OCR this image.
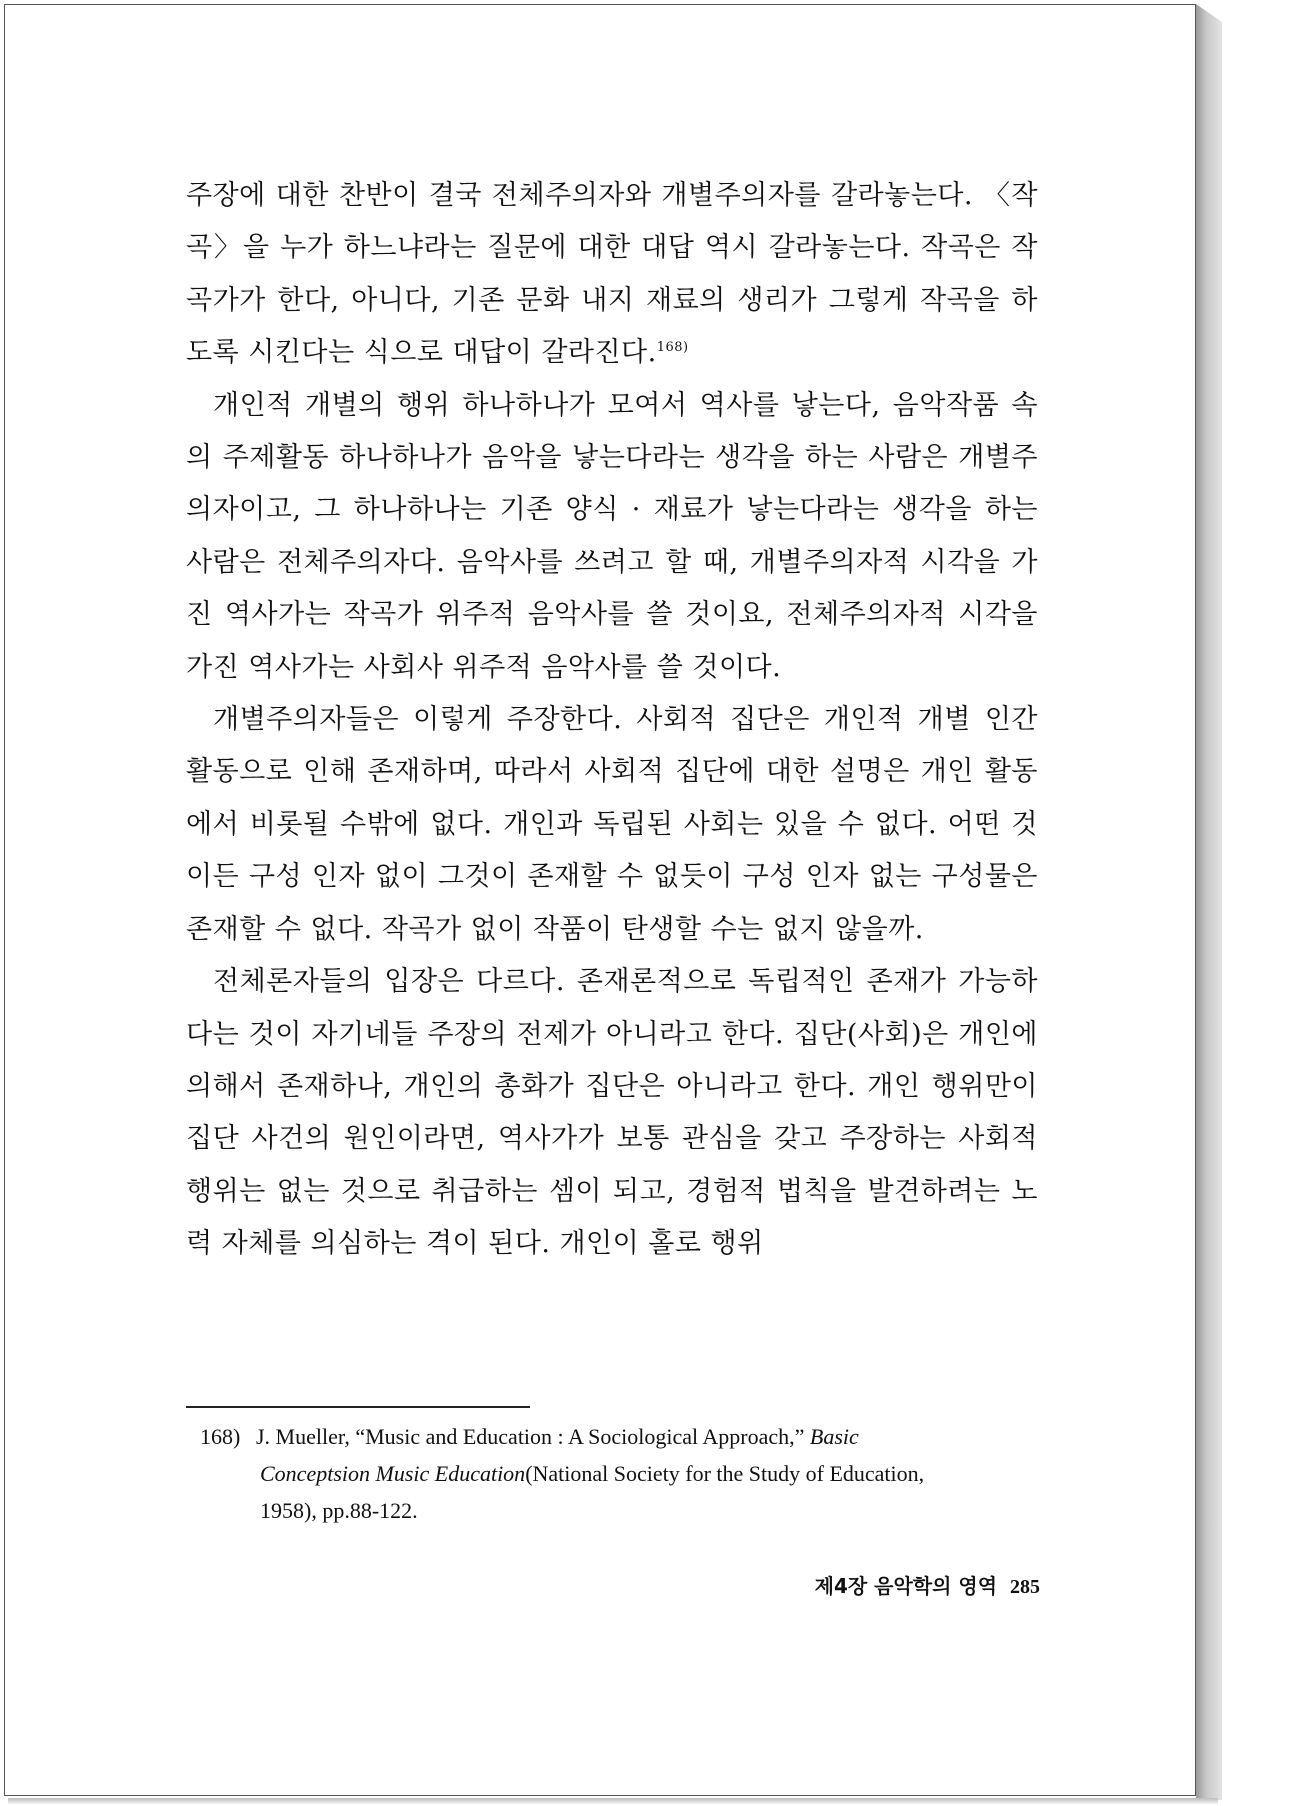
주장에 대한 찬반이 결국 전체주의자와 개별주의자를 갈라놓는다. 〈작곡〉을 누가 하느냐라는 질문에 대한 대답 역시 갈라놓는다. 작곡은 작곡가가 한다, 아니다, 기존 문화 내지 재료의 생리가 그렇게 작곡을 하도록 시킨다는 식으로 대답이 갈라진다.$^{168)}$

개인적 개별의 행위 하나하나가 모여서 역사를 낳는다, 음악작품 속의 주제활동 하나하나가 음악을 낳는다라는 생각을 하는 사람은 개별주의자이고, 그 하나하나는 기존 양식 · 재료가 낳는다라는 생각을 하는 사람은 전체주의자다. 음악사를 쓰려고 할 때, 개별주의자적 시각을 가진 역사가는 작곡가 위주적 음악사를 쓸 것이요, 전체주의자적 시각을 가진 역사가는 사회사 위주적 음악사를 쓸 것이다.

개별주의자들은 이렇게 주장한다. 사회적 집단은 개인적 개별 인간 활동으로 인해 존재하며, 따라서 사회적 집단에 대한 설명은 개인 활동에서 비롯될 수밖에 없다. 개인과 독립된 사회는 있을 수 없다. 어떤 것이든 구성 인자 없이 그것이 존재할 수 없듯이 구성 인자 없는 구성물은 존재할 수 없다. 작곡가 없이 작품이 탄생할 수는 없지 않을까.

전체론자들의 입장은 다르다. 존재론적으로 독립적인 존재가 가능하다는 것이 자기네들 주장의 전제가 아니라고 한다. 집단(사회)은 개인에 의해서 존재하나, 개인의 총화가 집단은 아니라고 한다. 개인 행위만이 집단 사건의 원인이라면, 역사가가 보통 관심을 갖고 주장하는 사회적 행위는 없는 것으로 취급하는 셈이 되고, 경험적 법칙을 발견하려는 노력 자체를 의심하는 격이 된다. 개인이 홀로 행위

168) J. Mueller, “Music and Education : A Sociological Approach,” Basic
Conceptsion Music Education(National Society for the Study of Education,
1958), pp.88-122.
제4장 음악학의 영역 285
